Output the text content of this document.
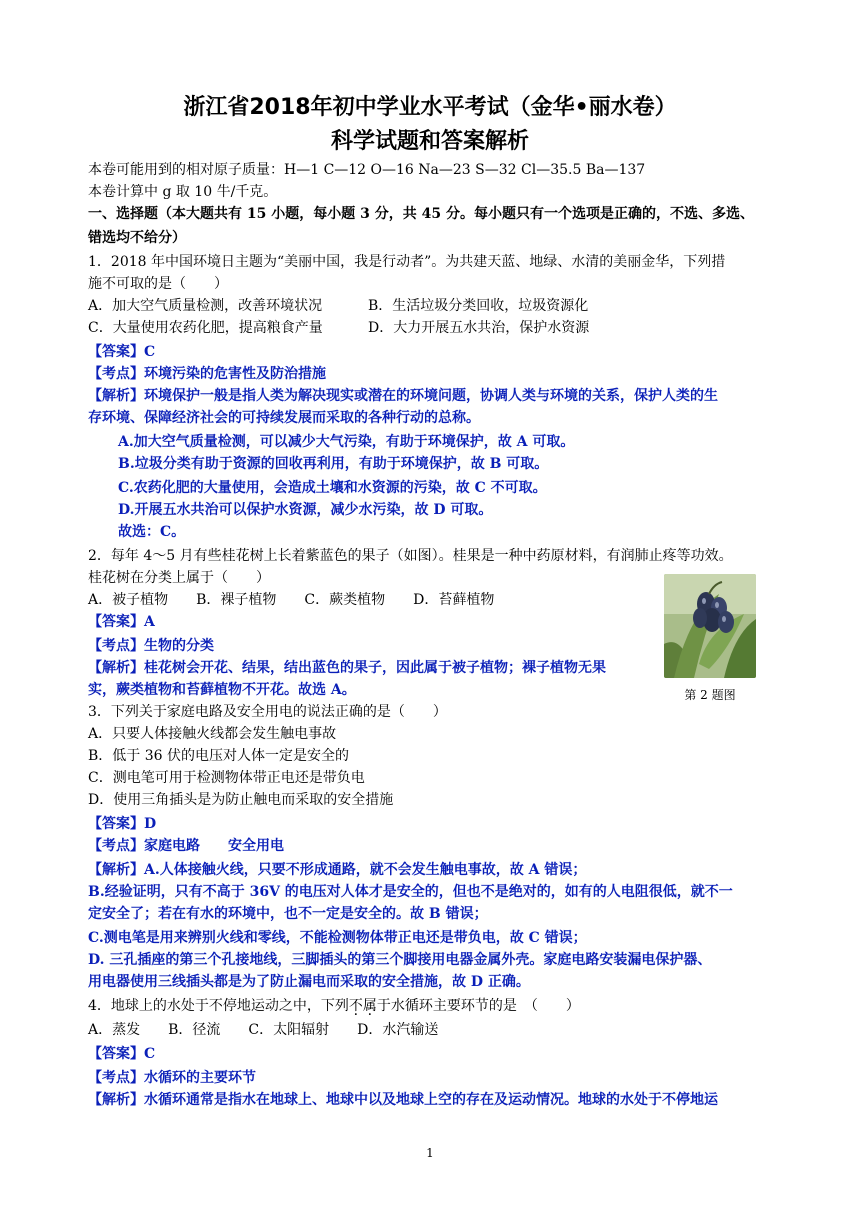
浙江省2018年初中学业水平考试（金华•丽水卷）
科学试题和答案解析
本卷可能用到的相对原子质量：H—1 C—12 O—16 Na—23 S—32 Cl—35.5 Ba—137
本卷计算中 g 取 10 牛/千克。
一、选择题（本大题共有 15 小题，每小题 3 分，共 45 分。每小题只有一个选项是正确的，不选、多选、
错选均不给分）
1．2018 年中国环境日主题为“美丽中国，我是行动者”。为共建天蓝、地绿、水清的美丽金华，下列措
施不可取的是（　　）
A．加大空气质量检测，改善环境状况	B．生活垃圾分类回收，垃圾资源化
C．大量使用农药化肥，提高粮食产量	D．大力开展五水共治，保护水资源
【答案】C
【考点】环境污染的危害性及防治措施
【解析】环境保护一般是指人类为解决现实或潜在的环境问题，协调人类与环境的关系，保护人类的生
存环境、保障经济社会的可持续发展而采取的各种行动的总称。
A.加大空气质量检测，可以减少大气污染，有助于环境保护，故 A 可取。
B.垃圾分类有助于资源的回收再利用，有助于环境保护，故 B 可取。
C.农药化肥的大量使用，会造成土壤和水资源的污染，故 C 不可取。
D.开展五水共治可以保护水资源，减少水污染，故 D 可取。
故选：C。
2．每年 4～5 月有些桂花树上长着紫蓝色的果子（如图）。桂果是一种中药原材料，有润肺止疼等功效。
桂花树在分类上属于（　　）
A．被子植物　　B．裸子植物　　C．蕨类植物　　D．苔藓植物
【答案】A
【考点】生物的分类
【解析】桂花树会开花、结果，结出蓝色的果子，因此属于被子植物；裸子植物无果
实，蕨类植物和苔藓植物不开花。故选 A。	第 2 题图
3．下列关于家庭电路及安全用电的说法正确的是（　　）
A．只要人体接触火线都会发生触电事故
B．低于 36 伏的电压对人体一定是安全的
C．测电笔可用于检测物体带正电还是带负电
D．使用三角插头是为防止触电而采取的安全措施
【答案】D
【考点】家庭电路　　安全用电
【解析】A.人体接触火线，只要不形成通路，就不会发生触电事故，故 A 错误；
B.经验证明，只有不高于 36V 的电压对人体才是安全的，但也不是绝对的，如有的人电阻很低，就不一
定安全了；若在有水的环境中，也不一定是安全的。故 B 错误；
C.测电笔是用来辨别火线和零线，不能检测物体带正电还是带负电，故 C 错误；
D. 三孔插座的第三个孔接地线，三脚插头的第三个脚接用电器金属外壳。家庭电路安装漏电保护器、
用电器使用三线插头都是为了防止漏电而采取的安全措施，故 D 正确。
4．地球上的水处于不停地运动之中，下列不属于水循环主要环节的是　（　　）
A．蒸发　　B．径流　　C．太阳辐射　　D．水汽输送
【答案】C
【考点】水循环的主要环节
【解析】水循环通常是指水在地球上、地球中以及地球上空的存在及运动情况。地球的水处于不停地运
1
